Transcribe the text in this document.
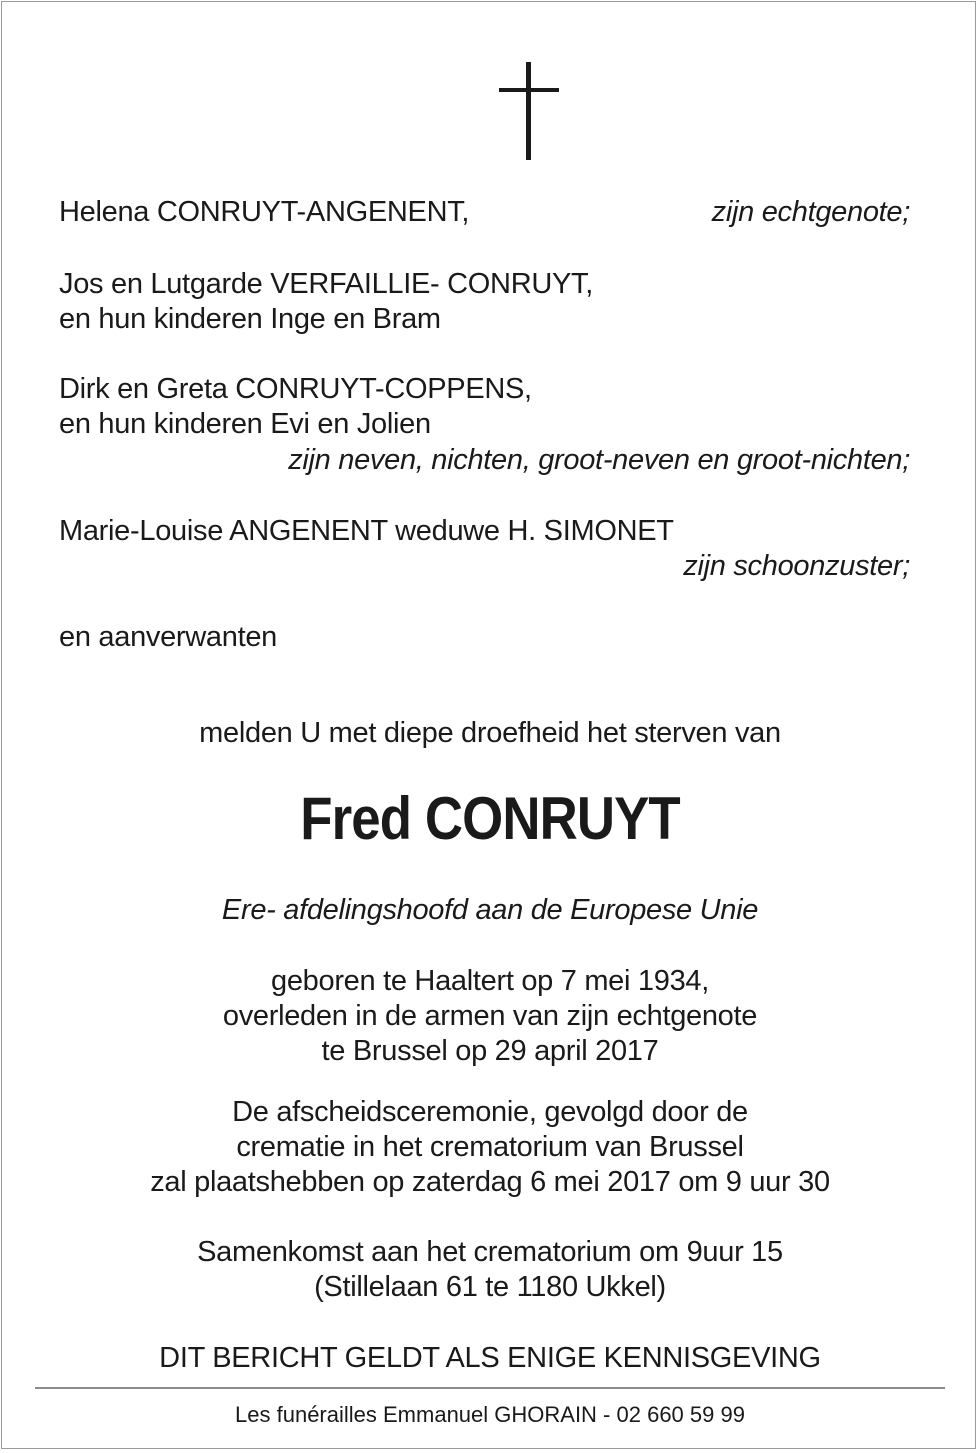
Helena CONRUYT-ANGENENT,	zijn echtgenote;
Jos en Lutgarde VERFAILLIE- CONRUYT,
en hun kinderen Inge en Bram
Dirk en Greta CONRUYT-COPPENS,
en hun kinderen Evi en Jolien
zijn neven, nichten, groot-neven en groot-nichten;
Marie-Louise ANGENENT weduwe H. SIMONET
zijn schoonzuster;
en aanverwanten
melden U met diepe droefheid het sterven van
Fred CONRUYT
Ere- afdelingshoofd aan de Europese Unie
geboren te Haaltert op 7 mei 1934,
overleden in de armen van zijn echtgenote
te Brussel op 29 april 2017
De afscheidsceremonie, gevolgd door de
crematie in het crematorium van Brussel
zal plaatshebben op zaterdag 6 mei 2017 om 9 uur 30
Samenkomst aan het crematorium om 9uur 15
(Stillelaan 61 te 1180 Ukkel)
DIT BERICHT GELDT ALS ENIGE KENNISGEVING
Les funérailles Emmanuel GHORAIN - 02 660 59 99
